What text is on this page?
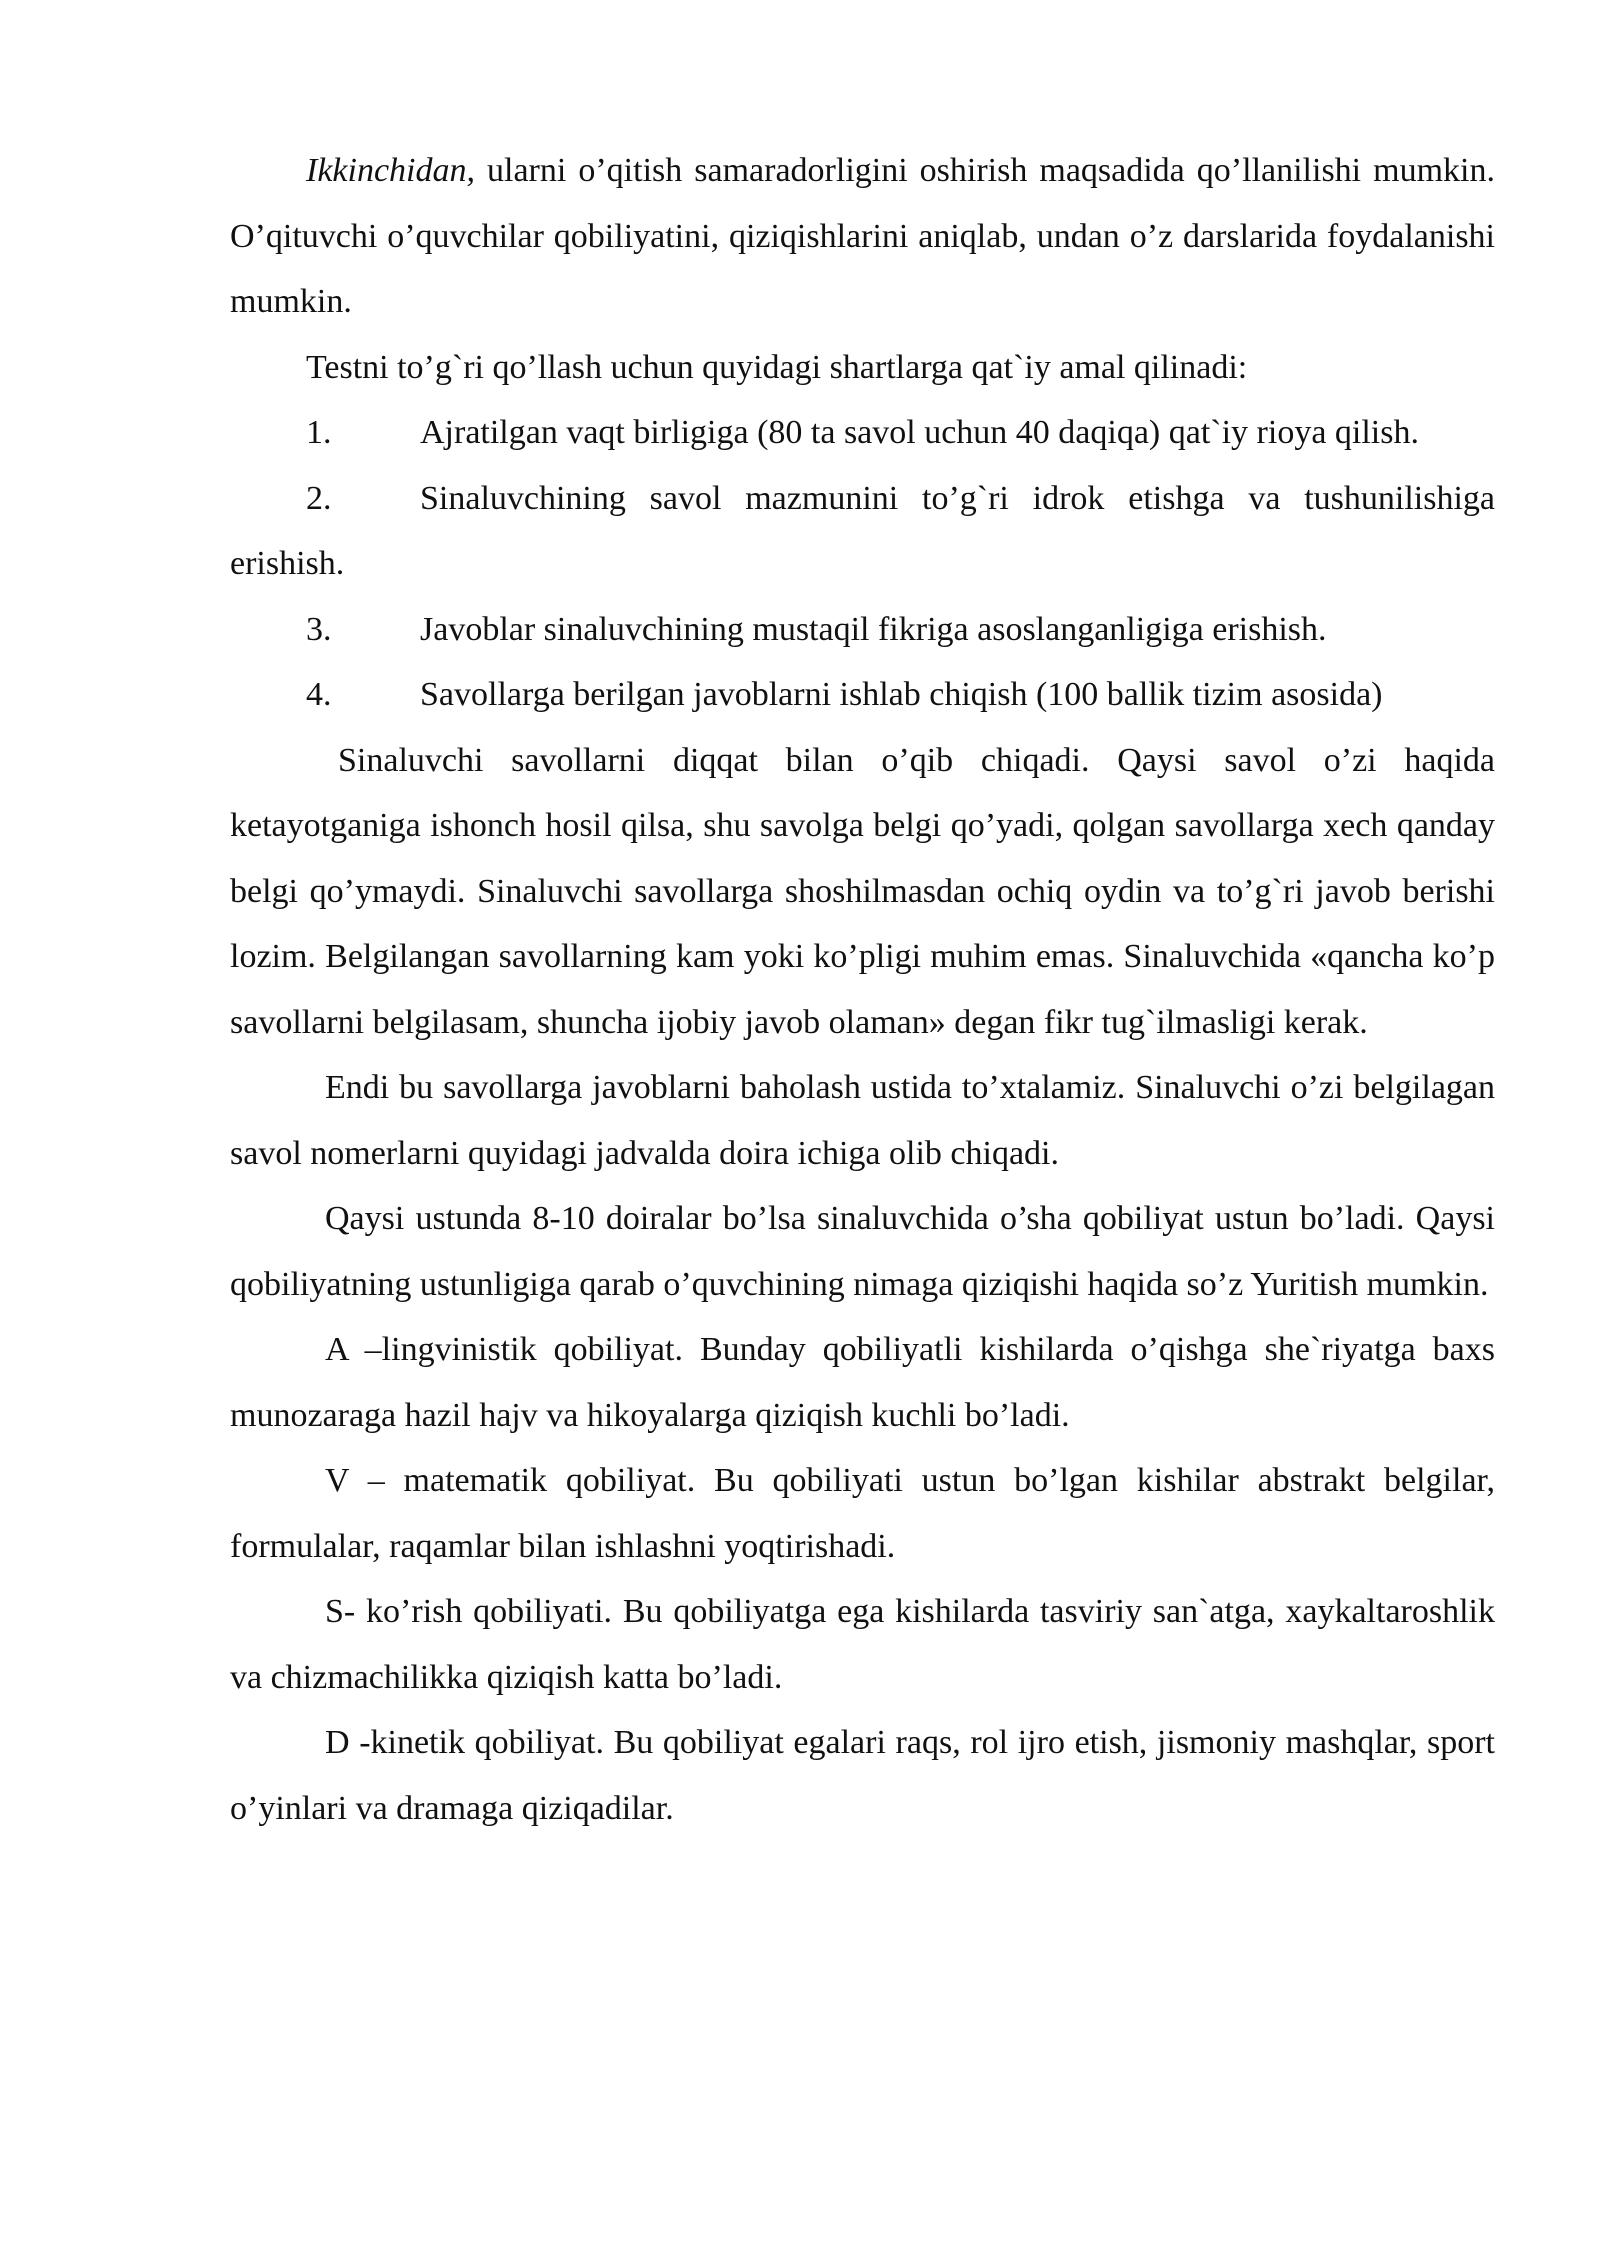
Ikkinchidan, ularni o’qitish samaradorligini oshirish maqsadida qo’llanilishi mumkin. O’qituvchi o’quvchilar qobiliyatini, qiziqishlarini aniqlab, undan o’z darslarida foydalanishi mumkin.

Testni to’g`ri qo’llash uchun quyidagi shartlarga qat`iy amal qilinadi:

1.	Ajratilgan vaqt birligiga (80 ta savol uchun 40 daqiqa) qat`iy rioya qilish.

2.	Sinaluvchining savol mazmunini to’g`ri idrok etishga va tushunilishiga erishish.

3.	Javoblar sinaluvchining mustaqil fikriga asoslanganligiga erishish.

4.	Savollarga berilgan javoblarni ishlab chiqish (100 ballik tizim asosida)

Sinaluvchi savollarni diqqat bilan o’qib chiqadi. Qaysi savol o’zi haqida ketayotganiga ishonch hosil qilsa, shu savolga belgi qo’yadi, qolgan savollarga xech qanday belgi qo’ymaydi. Sinaluvchi savollarga shoshilmasdan ochiq oydin va to’g`ri javob berishi lozim. Belgilangan savollarning kam yoki ko’pligi muhim emas. Sinaluvchida «qancha ko’p savollarni belgilasam, shuncha ijobiy javob olaman» degan fikr tug`ilmasligi kerak.

Endi bu savollarga javoblarni baholash ustida to’xtalamiz. Sinaluvchi o’zi belgilagan savol nomerlarni quyidagi jadvalda doira ichiga olib chiqadi.

Qaysi ustunda 8-10 doiralar bo’lsa sinaluvchida o’sha qobiliyat ustun bo’ladi. Qaysi qobiliyatning ustunligiga qarab o’quvchining nimaga qiziqishi haqida so’z Yuritish mumkin.

A –lingvinistik qobiliyat. Bunday qobiliyatli kishilarda o’qishga she`riyatga baxs munozaraga hazil hajv va hikoyalarga qiziqish kuchli bo’ladi.

V – matematik qobiliyat. Bu qobiliyati ustun bo’lgan kishilar abstrakt belgilar, formulalar, raqamlar bilan ishlashni yoqtirishadi.

S- ko’rish qobiliyati. Bu qobiliyatga ega kishilarda tasviriy san`atga, xaykaltaroshlik va chizmachilikka qiziqish katta bo’ladi.

D -kinetik qobiliyat. Bu qobiliyat egalari raqs, rol ijro etish, jismoniy mashqlar, sport o’yinlari va dramaga qiziqadilar.
